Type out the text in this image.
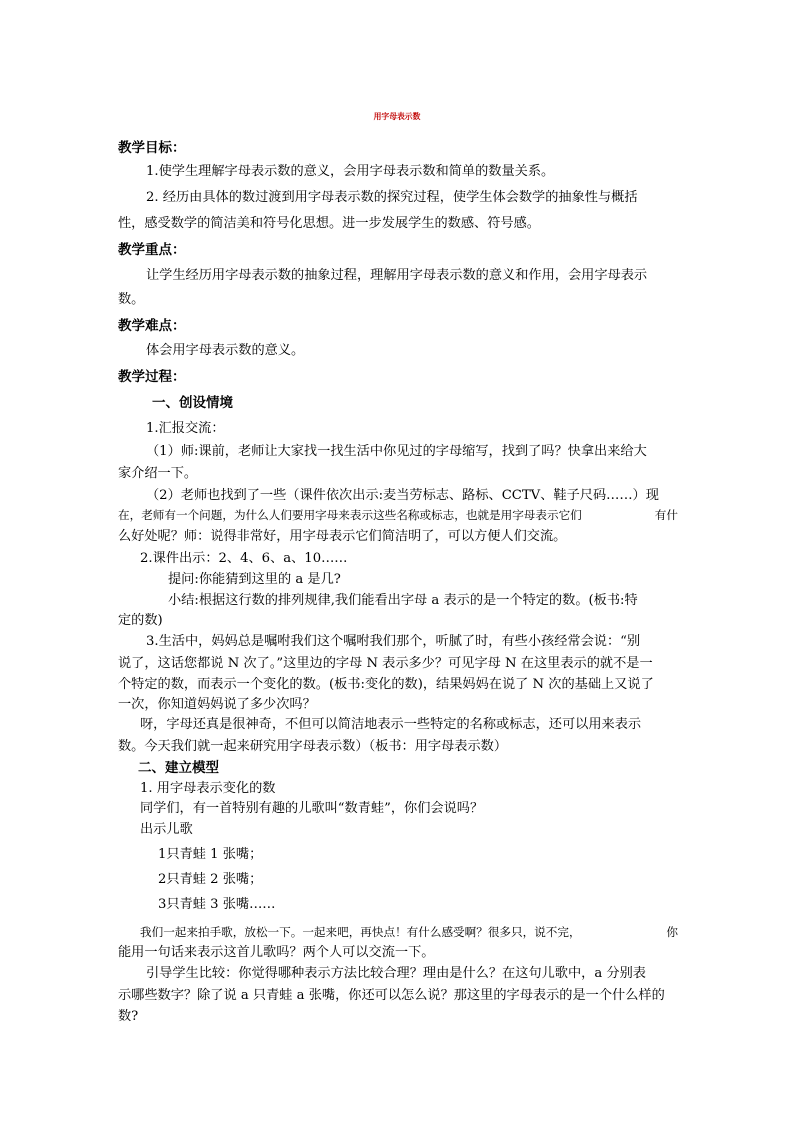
用字母表示数
教学目标：
1.使学生理解字母表示数的意义，会用字母表示数和简单的数量关系。
2. 经历由具体的数过渡到用字母表示数的探究过程，使学生体会数学的抽象性与概括
性，感受数学的简洁美和符号化思想。进一步发展学生的数感、符号感。
教学重点：
让学生经历用字母表示数的抽象过程，理解用字母表示数的意义和作用，会用字母表示
数。
教学难点：
体会用字母表示数的意义。
教学过程：
一、创设情境
1.汇报交流：
（1）师:课前，老师让大家找一找生活中你见过的字母缩写，找到了吗？快拿出来给大
家介绍一下。
（2）老师也找到了一些（课件依次出示:麦当劳标志、路标、CCTV、鞋子尺码……）现
在，老师有一个问题，为什么人们要用字母来表示这些名称或标志，也就是用字母表示它们	有什
么好处呢？师：说得非常好，用字母表示它们简洁明了，可以方便人们交流。
2.课件出示：2、4、6、a、10……
提问:你能猜到这里的 a 是几?
小结:根据这行数的排列规律,我们能看出字母 a 表示的是一个特定的数。(板书:特
定的数)
3.生活中，妈妈总是嘱咐我们这个嘱咐我们那个，听腻了时，有些小孩经常会说：“别
说了，这话您都说 N 次了。”这里边的字母 N 表示多少？可见字母 N 在这里表示的就不是一
个特定的数，而表示一个变化的数。(板书:变化的数)，结果妈妈在说了 N 次的基础上又说了
一次，你知道妈妈说了多少次吗？
呀，字母还真是很神奇，不但可以简洁地表示一些特定的名称或标志，还可以用来表示
数。今天我们就一起来研究用字母表示数）（板书：用字母表示数）
二、建立模型
1. 用字母表示变化的数
同学们，有一首特别有趣的儿歌叫“数青蛙”，你们会说吗？
出示儿歌
1只青蛙 1 张嘴；
2只青蛙 2 张嘴；
3只青蛙 3 张嘴……
我们一起来拍手歌，放松一下。一起来吧，再快点！有什么感受啊？很多只，说不完，	你
能用一句话来表示这首儿歌吗？两个人可以交流一下。
引导学生比较：你觉得哪种表示方法比较合理？理由是什么？在这句儿歌中，a 分别表
示哪些数字？除了说 a 只青蛙 a 张嘴，你还可以怎么说？那这里的字母表示的是一个什么样的
数?
